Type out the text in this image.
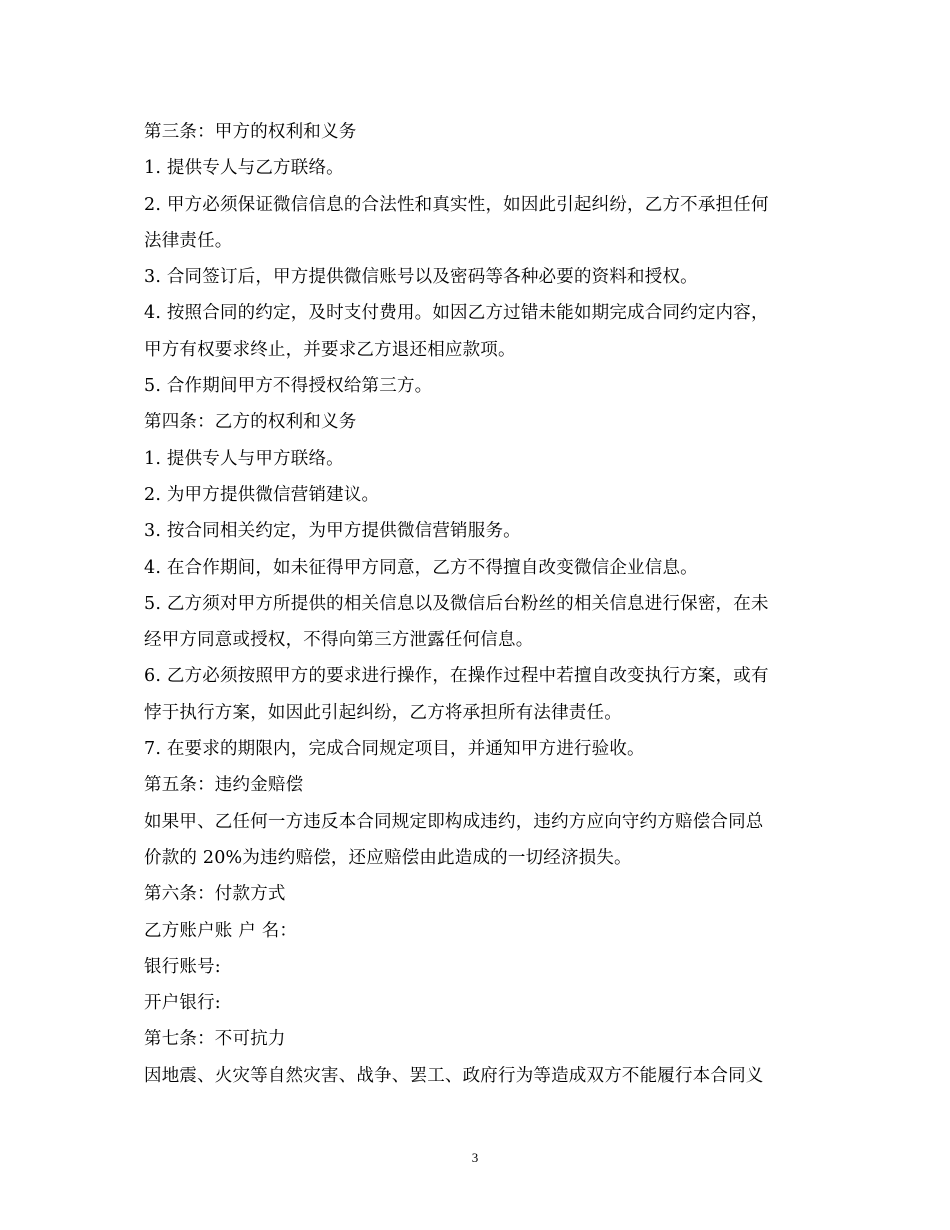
第三条：甲方的权利和义务
1. 提供专人与乙方联络。
2. 甲方必须保证微信信息的合法性和真实性，如因此引起纠纷，乙方不承担任何
法律责任。
3. 合同签订后，甲方提供微信账号以及密码等各种必要的资料和授权。
4. 按照合同的约定，及时支付费用。如因乙方过错未能如期完成合同约定内容，
甲方有权要求终止，并要求乙方退还相应款项。
5. 合作期间甲方不得授权给第三方。
第四条：乙方的权利和义务
1. 提供专人与甲方联络。
2. 为甲方提供微信营销建议。
3. 按合同相关约定，为甲方提供微信营销服务。
4. 在合作期间，如未征得甲方同意，乙方不得擅自改变微信企业信息。
5. 乙方须对甲方所提供的相关信息以及微信后台粉丝的相关信息进行保密，在未
经甲方同意或授权，不得向第三方泄露任何信息。
6. 乙方必须按照甲方的要求进行操作，在操作过程中若擅自改变执行方案，或有
悖于执行方案，如因此引起纠纷，乙方将承担所有法律责任。
7. 在要求的期限内，完成合同规定项目，并通知甲方进行验收。
第五条：违约金赔偿
如果甲、乙任何一方违反本合同规定即构成违约，违约方应向守约方赔偿合同总
价款的 20%为违约赔偿，还应赔偿由此造成的一切经济损失。
第六条：付款方式
乙方账户账 户 名：
银行账号:
开户银行:
第七条：不可抗力
因地震、火灾等自然灾害、战争、罢工、政府行为等造成双方不能履行本合同义
3
